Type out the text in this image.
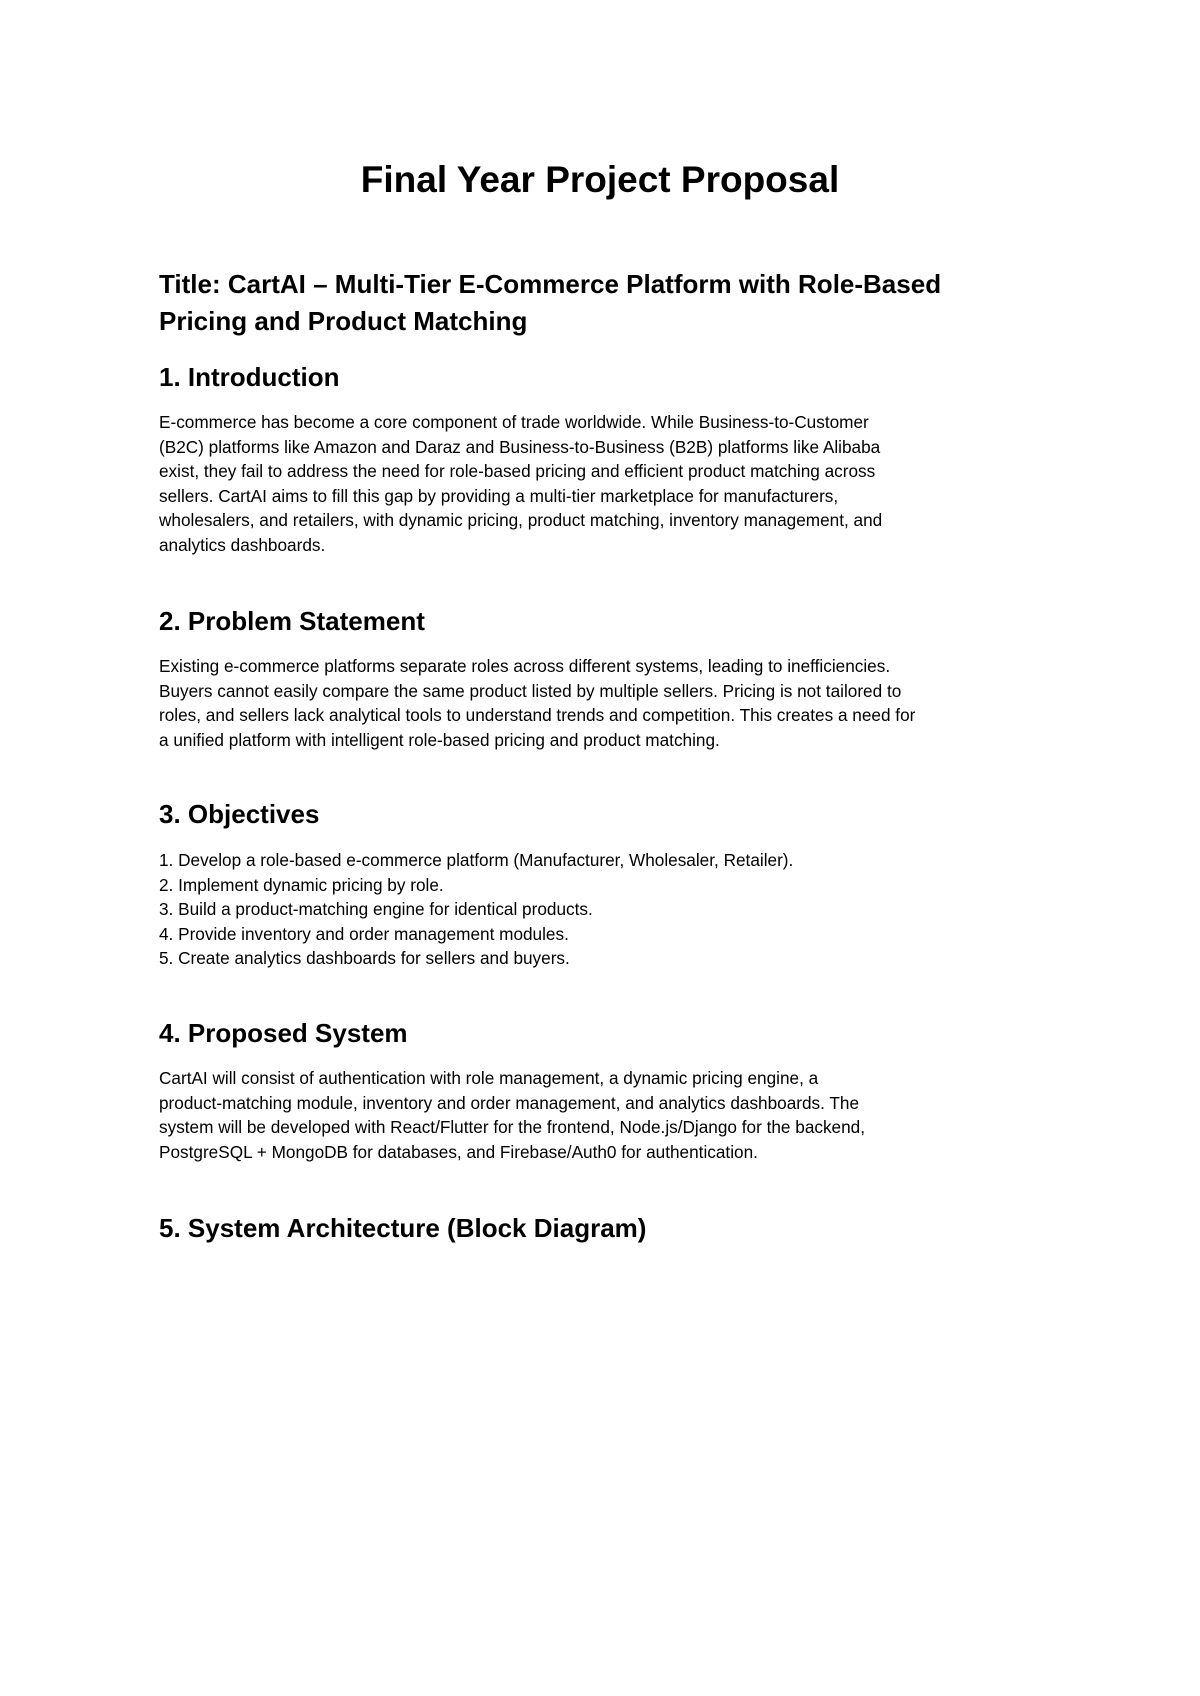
Final Year Project Proposal
Title: CartAI – Multi-Tier E-Commerce Platform with Role-Based
Pricing and Product Matching
1. Introduction
E-commerce has become a core component of trade worldwide. While Business-to-Customer
(B2C) platforms like Amazon and Daraz and Business-to-Business (B2B) platforms like Alibaba
exist, they fail to address the need for role-based pricing and efficient product matching across
sellers. CartAI aims to fill this gap by providing a multi-tier marketplace for manufacturers,
wholesalers, and retailers, with dynamic pricing, product matching, inventory management, and
analytics dashboards.
2. Problem Statement
Existing e-commerce platforms separate roles across different systems, leading to inefficiencies.
Buyers cannot easily compare the same product listed by multiple sellers. Pricing is not tailored to
roles, and sellers lack analytical tools to understand trends and competition. This creates a need for
a unified platform with intelligent role-based pricing and product matching.
3. Objectives
1. Develop a role-based e-commerce platform (Manufacturer, Wholesaler, Retailer).
2. Implement dynamic pricing by role.
3. Build a product-matching engine for identical products.
4. Provide inventory and order management modules.
5. Create analytics dashboards for sellers and buyers.
4. Proposed System
CartAI will consist of authentication with role management, a dynamic pricing engine, a
product-matching module, inventory and order management, and analytics dashboards. The
system will be developed with React/Flutter for the frontend, Node.js/Django for the backend,
PostgreSQL + MongoDB for databases, and Firebase/Auth0 for authentication.
5. System Architecture (Block Diagram)
